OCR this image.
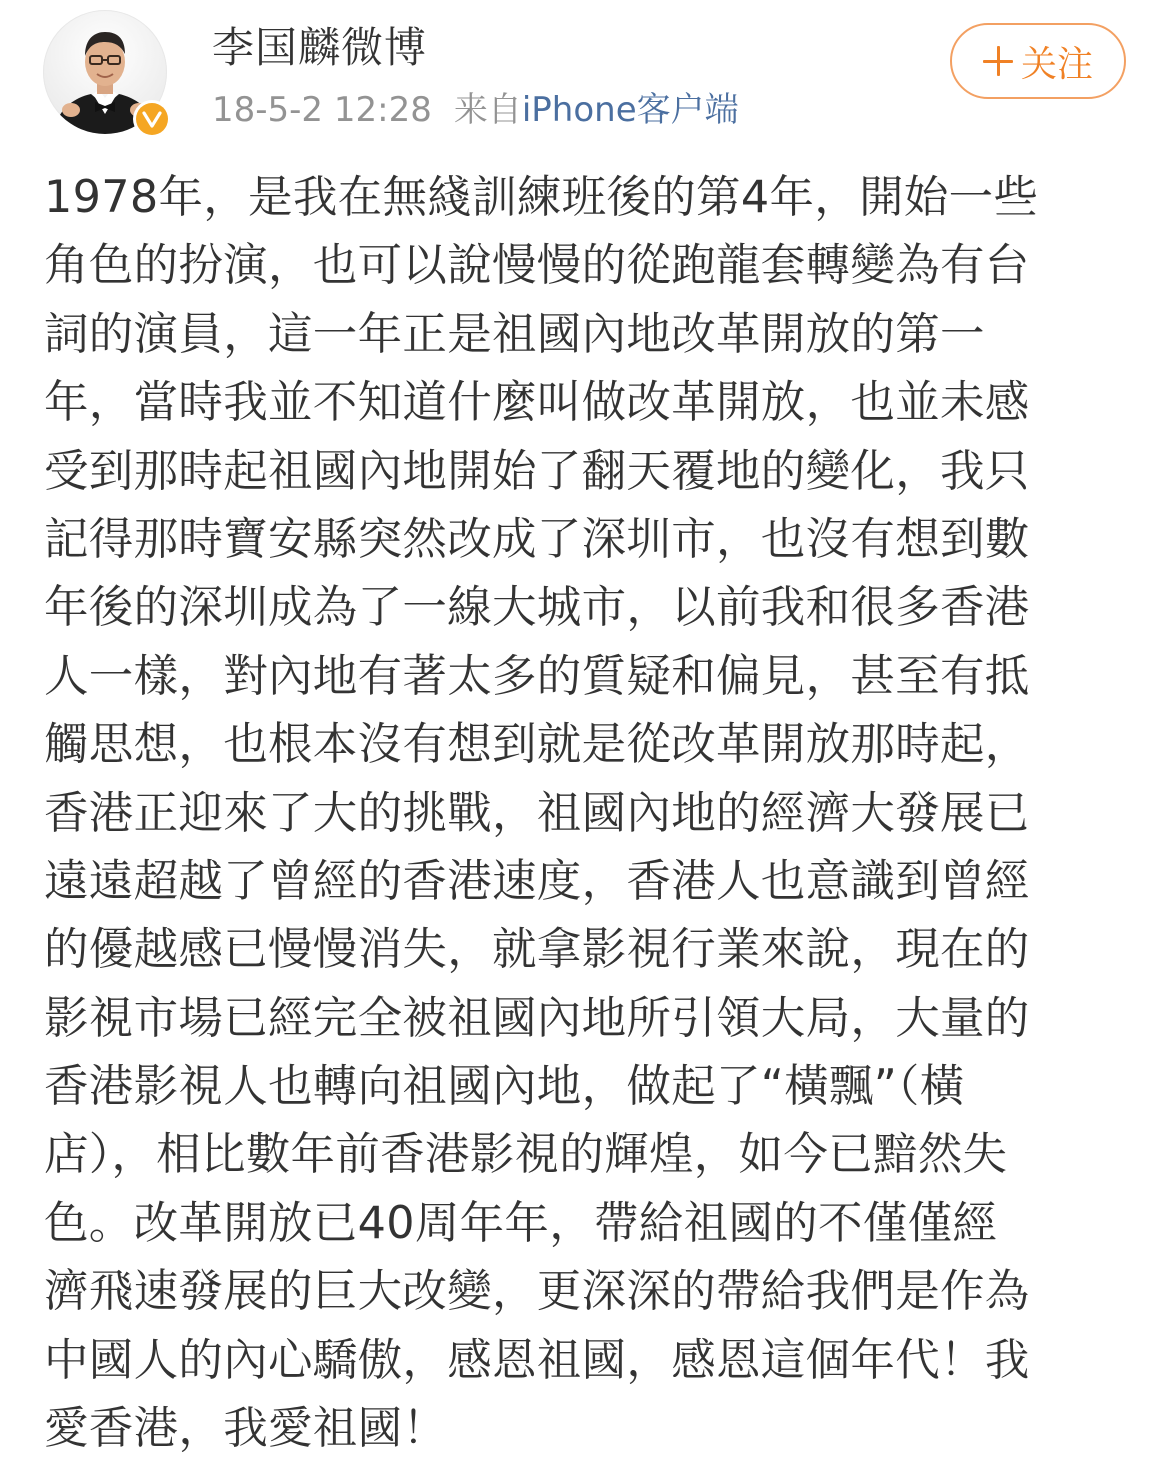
李国麟微博
18-5-2 12:28 来自iPhone客户端
关注
1978年，是我在無綫訓練班後的第4年，開始一些
角色的扮演，也可以說慢慢的從跑龍套轉變為有台
詞的演員，這一年正是祖國內地改革開放的第一
年，當時我並不知道什麼叫做改革開放，也並未感
受到那時起祖國內地開始了翻天覆地的變化，我只
記得那時寶安縣突然改成了深圳市，也沒有想到數
年後的深圳成為了一線大城市，以前我和很多香港
人一樣，對內地有著太多的質疑和偏見，甚至有抵
觸思想，也根本沒有想到就是從改革開放那時起，
香港正迎來了大的挑戰，祖國內地的經濟大發展已
遠遠超越了曾經的香港速度，香港人也意識到曾經
的優越感已慢慢消失，就拿影視行業來說，現在的
影視市場已經完全被祖國內地所引領大局，大量的
香港影視人也轉向祖國內地，做起了“橫飄”（橫
店），相比數年前香港影視的輝煌，如今已黯然失
色。改革開放已40周年年，帶給祖國的不僅僅經
濟飛速發展的巨大改變，更深深的帶給我們是作為
中國人的內心驕傲，感恩祖國，感恩這個年代！我
愛香港，我愛祖國！
